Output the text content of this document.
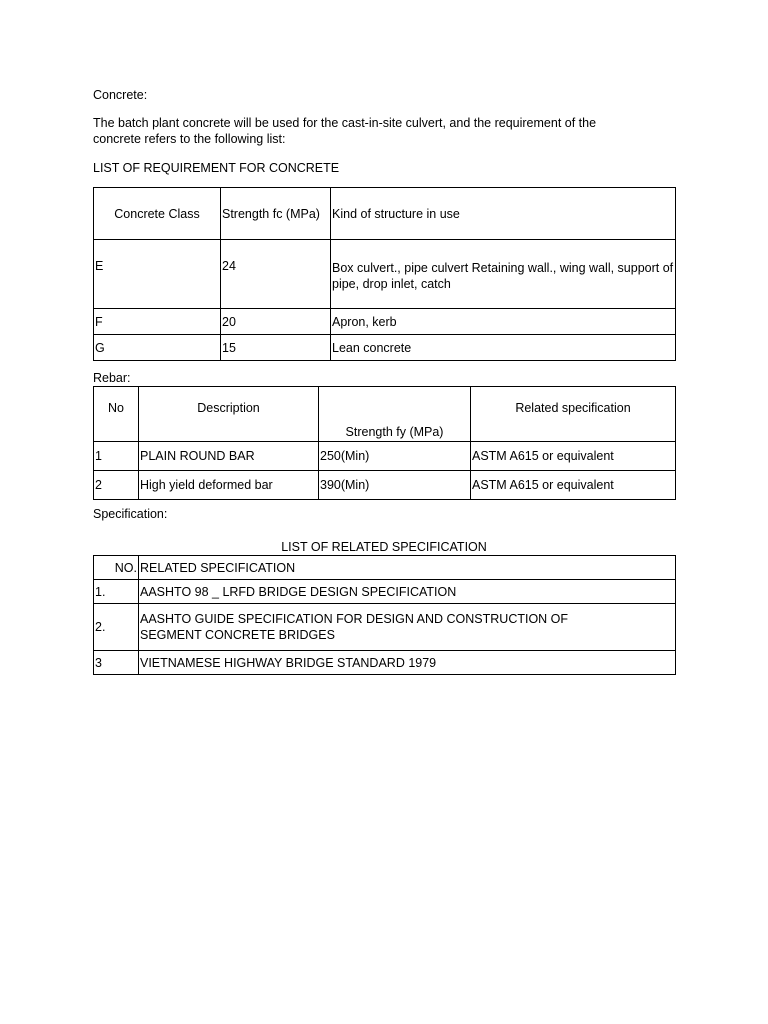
Concrete:
The batch plant concrete will be used for the cast-in-site culvert, and the requirement of the concrete refers to the following list:
LIST OF REQUIREMENT FOR CONCRETE
Concrete Class	Strength fc (MPa)	Kind of structure in use
E	24	Box culvert., pipe culvert Retaining wall., wing wall, support of pipe, drop inlet, catch
F	20	Apron, kerb
G	15	Lean concrete
Rebar:
No	Description	Strength fy (MPa)	Related specification
1	PLAIN ROUND BAR	250(Min)	ASTM A615 or equivalent
2	High yield deformed bar	390(Min)	ASTM A615 or equivalent
Specification:
LIST OF RELATED SPECIFICATION
NO.	RELATED SPECIFICATION
1.	AASHTO 98 _ LRFD BRIDGE DESIGN SPECIFICATION
2.	AASHTO GUIDE SPECIFICATION FOR DESIGN AND CONSTRUCTION OF SEGMENT CONCRETE BRIDGES
3	VIETNAMESE HIGHWAY BRIDGE STANDARD 1979
